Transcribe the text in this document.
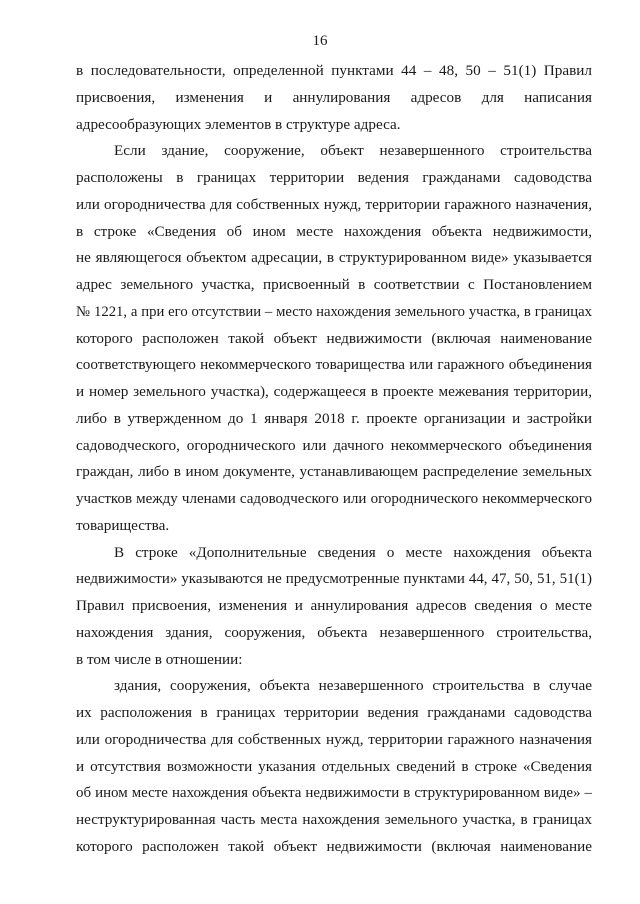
16
в последовательности, определенной пунктами 44 – 48, 50 – 51(1) Правил
присвоения, изменения и аннулирования адресов для написания
адресообразующих элементов в структуре адреса.
Если здание, сооружение, объект незавершенного строительства
расположены в границах территории ведения гражданами садоводства
или огородничества для собственных нужд, территории гаражного назначения,
в строке «Сведения об ином месте нахождения объекта недвижимости,
не являющегося объектом адресации, в структурированном виде» указывается
адрес земельного участка, присвоенный в соответствии с Постановлением
№ 1221, а при его отсутствии – место нахождения земельного участка, в границах
которого расположен такой объект недвижимости (включая наименование
соответствующего некоммерческого товарищества или гаражного объединения
и номер земельного участка), содержащееся в проекте межевания территории,
либо в утвержденном до 1 января 2018 г. проекте организации и застройки
садоводческого, огороднического или дачного некоммерческого объединения
граждан, либо в ином документе, устанавливающем распределение земельных
участков между членами садоводческого или огороднического некоммерческого
товарищества.
В строке «Дополнительные сведения о месте нахождения объекта
недвижимости» указываются не предусмотренные пунктами 44, 47, 50, 51, 51(1)
Правил присвоения, изменения и аннулирования адресов сведения о месте
нахождения здания, сооружения, объекта незавершенного строительства,
в том числе в отношении:
здания, сооружения, объекта незавершенного строительства в случае
их расположения в границах территории ведения гражданами садоводства
или огородничества для собственных нужд, территории гаражного назначения
и отсутствия возможности указания отдельных сведений в строке «Сведения
об ином месте нахождения объекта недвижимости в структурированном виде» –
неструктурированная часть места нахождения земельного участка, в границах
которого расположен такой объект недвижимости (включая наименование
